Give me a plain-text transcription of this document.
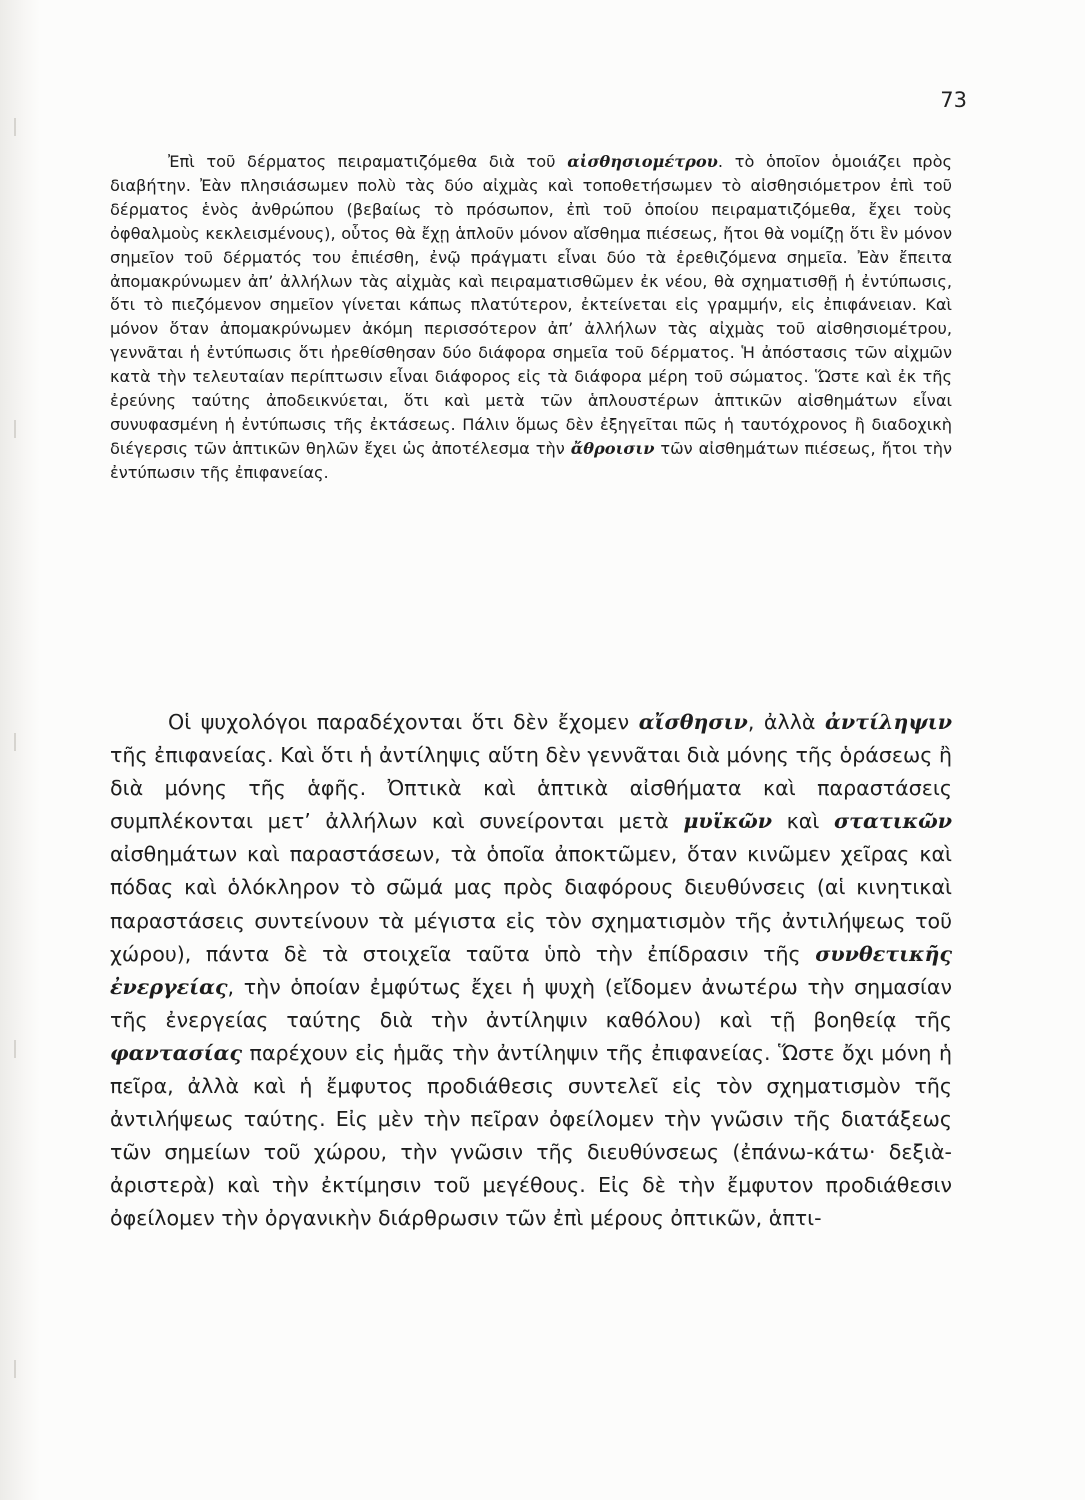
73

Ἐπὶ τοῦ δέρματος πειραματιζόμεθα διὰ τοῦ αἰσθησιομέτρου. τὸ ὁποῖον ὁμοιάζει πρὸς διαβήτην. Ἐὰν πλησιάσωμεν πολὺ τὰς δύο αἰχμὰς καὶ τοποθετήσωμεν τὸ αἰσθησιόμετρον ἐπὶ τοῦ δέρματος ἑνὸς ἀνθρώπου (βεβαίως τὸ πρόσωπον, ἐπὶ τοῦ ὁποίου πειραματιζόμεθα, ἔχει τοὺς ὀφθαλμοὺς κεκλεισμένους), οὗτος θὰ ἔχῃ ἁπλοῦν μόνον αἴσθημα πιέσεως, ἤτοι θὰ νομίζῃ ὅτι ἓν μόνον σημεῖον τοῦ δέρματός του ἐπιέσθη, ἐνῷ πράγματι εἶναι δύο τὰ ἐρεθιζόμενα σημεῖα. Ἐὰν ἔπειτα ἀπομακρύνωμεν ἀπ’ ἀλλήλων τὰς αἰχμὰς καὶ πειραματισθῶμεν ἐκ νέου, θὰ σχηματισθῇ ἡ ἐντύπωσις, ὅτι τὸ πιεζόμενον σημεῖον γίνεται κάπως πλατύτερον, ἐκτείνεται εἰς γραμμήν, εἰς ἐπιφάνειαν. Καὶ μόνον ὅταν ἀπομακρύνωμεν ἀκόμη περισσότερον ἀπ’ ἀλλήλων τὰς αἰχμὰς τοῦ αἰσθησιομέτρου, γεννᾶται ἡ ἐντύπωσις ὅτι ἠρεθίσθησαν δύο διάφορα σημεῖα τοῦ δέρματος. Ἡ ἀπόστασις τῶν αἰχμῶν κατὰ τὴν τελευταίαν περίπτωσιν εἶναι διάφορος εἰς τὰ διάφορα μέρη τοῦ σώματος. Ὥστε καὶ ἐκ τῆς ἐρεύνης ταύτης ἀποδεικνύεται, ὅτι καὶ μετὰ τῶν ἁπλουστέρων ἁπτικῶν αἰσθημάτων εἶναι συνυφασμένη ἡ ἐντύπωσις τῆς ἐκτάσεως. Πάλιν ὅμως δὲν ἐξηγεῖται πῶς ἡ ταυτόχρονος ἢ διαδοχικὴ διέγερσις τῶν ἁπτικῶν θηλῶν ἔχει ὡς ἀποτέλεσμα τὴν ἄθροισιν τῶν αἰσθημάτων πιέσεως, ἤτοι τὴν ἐντύπωσιν τῆς ἐπιφανείας.

Οἱ ψυχολόγοι παραδέχονται ὅτι δὲν ἔχομεν αἴσθησιν, ἀλλὰ ἀντίληψιν τῆς ἐπιφανείας. Καὶ ὅτι ἡ ἀντίληψις αὕτη δὲν γεννᾶται διὰ μόνης τῆς ὁράσεως ἢ διὰ μόνης τῆς ἁφῆς. Ὀπτικὰ καὶ ἁπτικὰ αἰσθήματα καὶ παραστάσεις συμπλέκονται μετ’ ἀλλήλων καὶ συνείρονται μετὰ μυϊκῶν καὶ στατικῶν αἰσθημάτων καὶ παραστάσεων, τὰ ὁποῖα ἀποκτῶμεν, ὅταν κινῶμεν χεῖρας καὶ πόδας καὶ ὁλόκληρον τὸ σῶμά μας πρὸς διαφόρους διευθύνσεις (αἱ κινητικαὶ παραστάσεις συντείνουν τὰ μέγιστα εἰς τὸν σχηματισμὸν τῆς ἀντιλήψεως τοῦ χώρου), πάντα δὲ τὰ στοιχεῖα ταῦτα ὑπὸ τὴν ἐπίδρασιν τῆς συνθετικῆς ἐνεργείας, τὴν ὁποίαν ἐμφύτως ἔχει ἡ ψυχὴ (εἴδομεν ἀνωτέρω τὴν σημασίαν τῆς ἐνεργείας ταύτης διὰ τὴν ἀντίληψιν καθόλου) καὶ τῇ βοηθείᾳ τῆς φαντασίας παρέχουν εἰς ἡμᾶς τὴν ἀντίληψιν τῆς ἐπιφανείας. Ὥστε ὄχι μόνη ἡ πεῖρα, ἀλλὰ καὶ ἡ ἔμφυτος προδιάθεσις συντελεῖ εἰς τὸν σχηματισμὸν τῆς ἀντιλήψεως ταύτης. Εἰς μὲν τὴν πεῖραν ὀφείλομεν τὴν γνῶσιν τῆς διατάξεως τῶν σημείων τοῦ χώρου, τὴν γνῶσιν τῆς διευθύνσεως (ἐπάνω-κάτω· δεξιὰ-ἀριστερὰ) καὶ τὴν ἐκτίμησιν τοῦ μεγέθους. Εἰς δὲ τὴν ἔμφυτον προδιάθεσιν ὀφείλομεν τὴν ὀργανικὴν διάρθρωσιν τῶν ἐπὶ μέρους ὀπτικῶν, ἁπτι-
